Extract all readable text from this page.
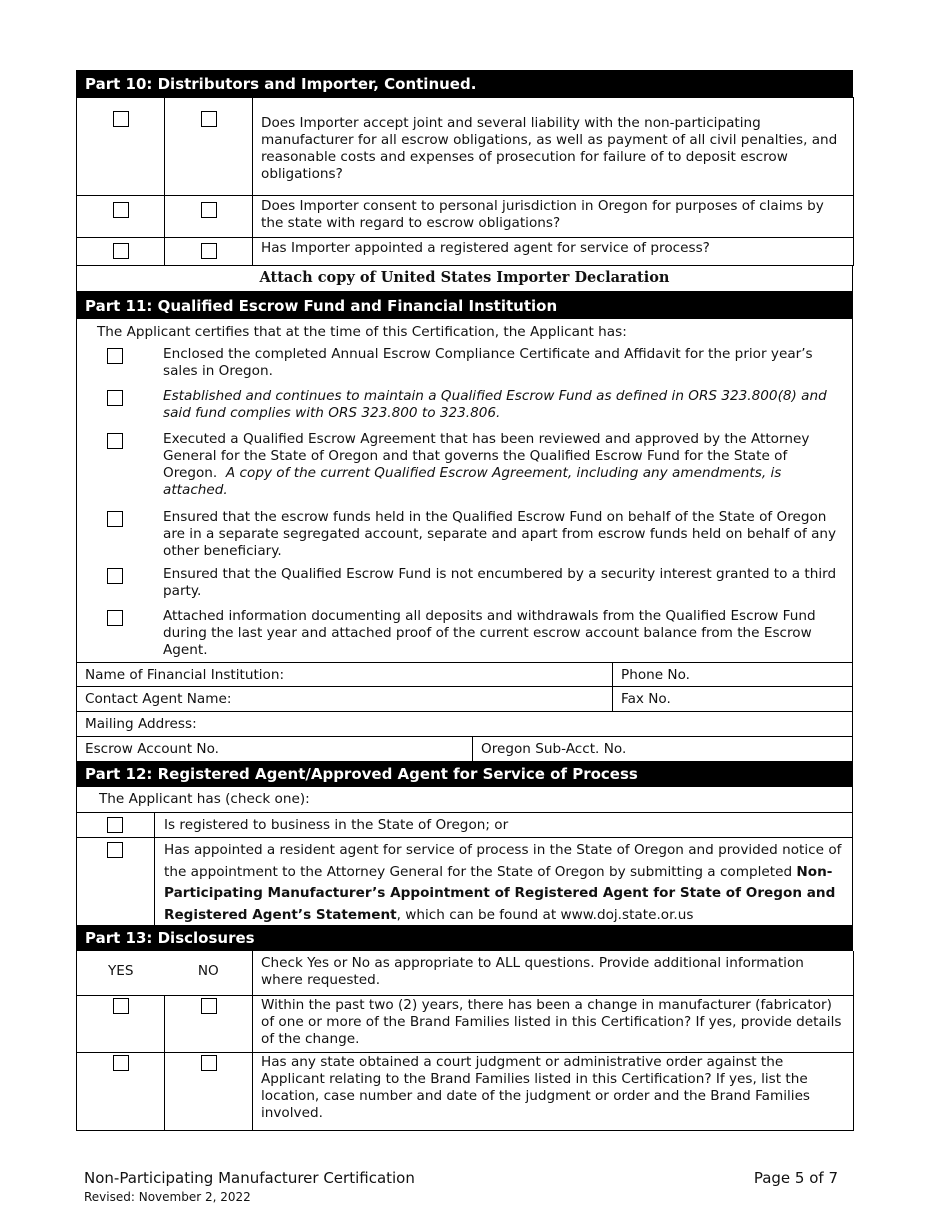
Part 10: Distributors and Importer, Continued.
		Does Importer accept joint and several liability with the non-participating manufacturer for all escrow obligations, as well as payment of all civil penalties, and reasonable costs and expenses of prosecution for failure of to deposit escrow obligations?
		Does Importer consent to personal jurisdiction in Oregon for purposes of claims by the state with regard to escrow obligations?
		Has Importer appointed a registered agent for service of process?
Attach copy of United States Importer Declaration
Part 11: Qualified Escrow Fund and Financial Institution
The Applicant certifies that at the time of this Certification, the Applicant has:
Enclosed the completed Annual Escrow Compliance Certificate and Affidavit for the prior year’s sales in Oregon.
Established and continues to maintain a Qualified Escrow Fund as defined in ORS 323.800(8) and said fund complies with ORS 323.800 to 323.806.
Executed a Qualified Escrow Agreement that has been reviewed and approved by the Attorney General for the State of Oregon and that governs the Qualified Escrow Fund for the State of Oregon. A copy of the current Qualified Escrow Agreement, including any amendments, is attached.
Ensured that the escrow funds held in the Qualified Escrow Fund on behalf of the State of Oregon are in a separate segregated account, separate and apart from escrow funds held on behalf of any other beneficiary.
Ensured that the Qualified Escrow Fund is not encumbered by a security interest granted to a third party.
Attached information documenting all deposits and withdrawals from the Qualified Escrow Fund during the last year and attached proof of the current escrow account balance from the Escrow Agent.
Name of Financial Institution:	Phone No.
Contact Agent Name:	Fax No.
Mailing Address:
Escrow Account No.	Oregon Sub-Acct. No.
Part 12: Registered Agent/Approved Agent for Service of Process
The Applicant has (check one):
Is registered to business in the State of Oregon; or
Has appointed a resident agent for service of process in the State of Oregon and provided notice of the appointment to the Attorney General for the State of Oregon by submitting a completed Non-Participating Manufacturer’s Appointment of Registered Agent for State of Oregon and Registered Agent’s Statement, which can be found at www.doj.state.or.us
Part 13: Disclosures
YES	NO	Check Yes or No as appropriate to ALL questions. Provide additional information where requested.
		Within the past two (2) years, there has been a change in manufacturer (fabricator) of one or more of the Brand Families listed in this Certification? If yes, provide details of the change.
		Has any state obtained a court judgment or administrative order against the Applicant relating to the Brand Families listed in this Certification? If yes, list the location, case number and date of the judgment or order and the Brand Families involved.
Non-Participating Manufacturer Certification
Revised: November 2, 2022
Page 5 of 7
